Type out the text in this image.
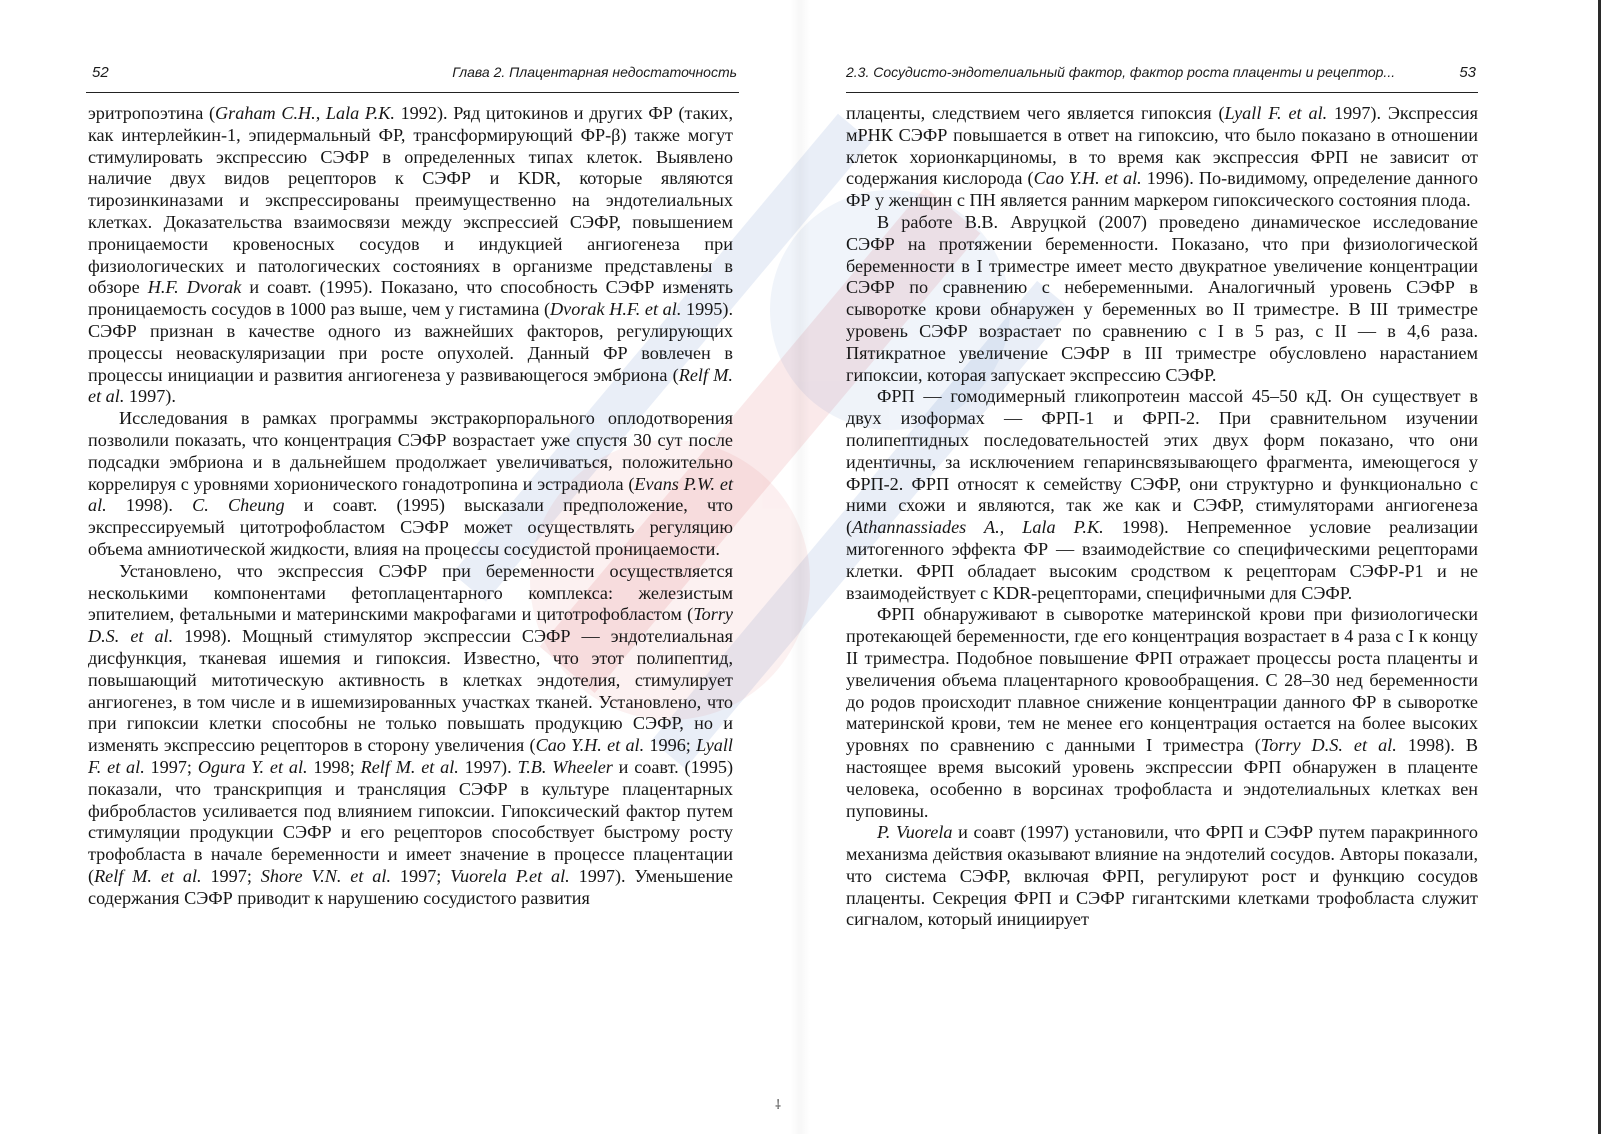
52	Глава 2. Плацентарная недостаточность

эритропоэтина (Graham C.H., Lala P.K. 1992). Ряд цитокинов и других ФР (таких, как интерлейкин-1, эпидермальный ФР, трансформирующий ФР-β) также могут стимулировать экспрессию СЭФР в определенных типах клеток. Выявлено наличие двух видов рецепторов к СЭФР и KDR, которые являются тирозинкиназами и экспрессированы преимущественно на эндотелиальных клетках. Доказательства взаимосвязи между экспрессией СЭФР, повышением проницаемости кровеносных сосудов и индукцией ангиогенеза при физиологических и патологических состояниях в организме представлены в обзоре H.F. Dvorak и соавт. (1995). Показано, что способность СЭФР изменять проницаемость сосудов в 1000 раз выше, чем у гистамина (Dvorak H.F. et al. 1995). СЭФР признан в качестве одного из важнейших факторов, регулирующих процессы неоваскуляризации при росте опухолей. Данный ФР вовлечен в процессы инициации и развития ангиогенеза у развивающегося эмбриона (Relf M. et al. 1997).

Исследования в рамках программы экстракорпорального оплодотворения позволили показать, что концентрация СЭФР возрастает уже спустя 30 сут после подсадки эмбриона и в дальнейшем продолжает увеличиваться, положительно коррелируя с уровнями хорионического гонадотропина и эстрадиола (Evans P.W. et al. 1998). C. Cheung и соавт. (1995) высказали предположение, что экспрессируемый цитотрофобластом СЭФР может осуществлять регуляцию объема амниотической жидкости, влияя на процессы сосудистой проницаемости.

Установлено, что экспрессия СЭФР при беременности осуществляется несколькими компонентами фетоплацентарного комплекса: железистым эпителием, фетальными и материнскими макрофагами и цитотрофобластом (Torry D.S. et al. 1998). Мощный стимулятор экспрессии СЭФР — эндотелиальная дисфункция, тканевая ишемия и гипоксия. Известно, что этот полипептид, повышающий митотическую активность в клетках эндотелия, стимулирует ангиогенез, в том числе и в ишемизированных участках тканей. Установлено, что при гипоксии клетки способны не только повышать продукцию СЭФР, но и изменять экспрессию рецепторов в сторону увеличения (Cao Y.H. et al. 1996; Lyall F. et al. 1997; Ogura Y. et al. 1998; Relf M. et al. 1997). T.B. Wheeler и соавт. (1995) показали, что транскрипция и трансляция СЭФР в культуре плацентарных фибробластов усиливается под влиянием гипоксии. Гипоксический фактор путем стимуляции продукции СЭФР и его рецепторов способствует быстрому росту трофобласта в начале беременности и имеет значение в процессе плацентации (Relf M. et al. 1997; Shore V.N. et al. 1997; Vuorela P.et al. 1997). Уменьшение содержания СЭФР приводит к нарушению сосудистого развития

2.3. Сосудисто-эндотелиальный фактор, фактор роста плаценты и рецептор...	53

плаценты, следствием чего является гипоксия (Lyall F. et al. 1997). Экспрессия мРНК СЭФР повышается в ответ на гипоксию, что было показано в отношении клеток хорионкарциномы, в то время как экспрессия ФРП не зависит от содержания кислорода (Cao Y.H. et al. 1996). По-видимому, определение данного ФР у женщин с ПН является ранним маркером гипоксического состояния плода.

В работе В.В. Авруцкой (2007) проведено динамическое исследование СЭФР на протяжении беременности. Показано, что при физиологической беременности в I триместре имеет место двукратное увеличение концентрации СЭФР по сравнению с небеременными. Аналогичный уровень СЭФР в сыворотке крови обнаружен у беременных во II триместре. В III триместре уровень СЭФР возрастает по сравнению с I в 5 раз, с II — в 4,6 раза. Пятикратное увеличение СЭФР в III триместре обусловлено нарастанием гипоксии, которая запускает экспрессию СЭФР.

ФРП — гомодимерный гликопротеин массой 45–50 кД. Он существует в двух изоформах — ФРП-1 и ФРП-2. При сравнительном изучении полипептидных последовательностей этих двух форм показано, что они идентичны, за исключением гепаринсвязывающего фрагмента, имеющегося у ФРП-2. ФРП относят к семейству СЭФР, они структурно и функционально с ними схожи и являются, так же как и СЭФР, стимуляторами ангиогенеза (Athannassiades A., Lala P.K. 1998). Непременное условие реализации митогенного эффекта ФР — взаимодействие со специфическими рецепторами клетки. ФРП обладает высоким сродством к рецепторам СЭФР-Р1 и не взаимодействует с KDR-рецепторами, специфичными для СЭФР.

ФРП обнаруживают в сыворотке материнской крови при физиологически протекающей беременности, где его концентрация возрастает в 4 раза с I к концу II триместра. Подобное повышение ФРП отражает процессы роста плаценты и увеличения объема плацентарного кровообращения. С 28–30 нед беременности до родов происходит плавное снижение концентрации данного ФР в сыворотке материнской крови, тем не менее его концентрация остается на более высоких уровнях по сравнению с данными I триместра (Torry D.S. et al. 1998). В настоящее время высокий уровень экспрессии ФРП обнаружен в плаценте человека, особенно в ворсинах трофобласта и эндотелиальных клетках вен пуповины.

P. Vuorela и соавт (1997) установили, что ФРП и СЭФР путем паракринного механизма действия оказывают влияние на эндотелий сосудов. Авторы показали, что система СЭФР, включая ФРП, регулируют рост и функцию сосудов плаценты. Секреция ФРП и СЭФР гигантскими клетками трофобласта служит сигналом, который инициирует

⸸
